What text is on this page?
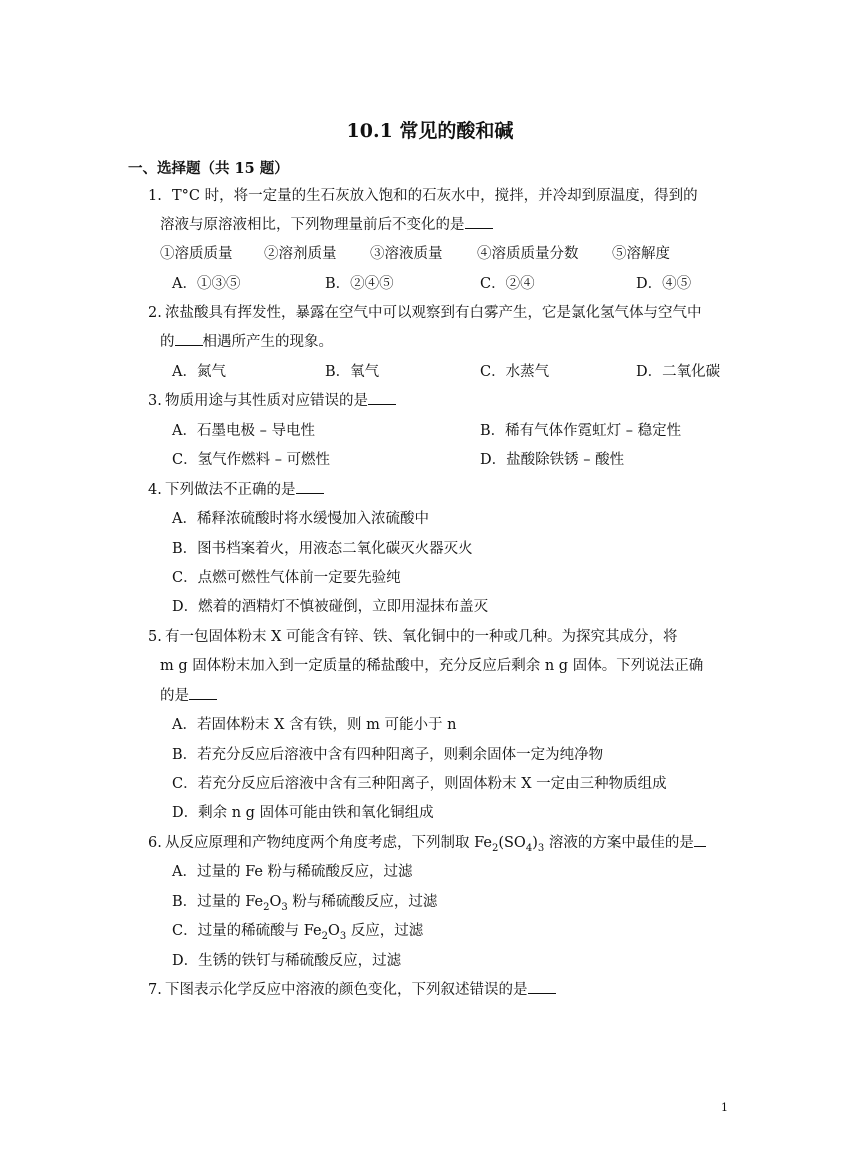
10.1 常见的酸和碱
一、选择题（共 15 题）
1. T°C 时，将一定量的生石灰放入饱和的石灰水中，搅拌，并冷却到原温度，得到的
溶液与原溶液相比，下列物理量前后不变化的是
①溶质质量 ②溶剂质量 ③溶液质量 ④溶质质量分数 ⑤溶解度
A．①③⑤	B．②④⑤	C．②④	D．④⑤
2. 浓盐酸具有挥发性，暴露在空气中可以观察到有白雾产生，它是氯化氢气体与空气中
的 相遇所产生的现象。
A．氮气	B．氧气	C．水蒸气	D．二氧化碳
3. 物质用途与其性质对应错误的是
A．石墨电极 – 导电性	B．稀有气体作霓虹灯 – 稳定性
C．氢气作燃料 – 可燃性	D．盐酸除铁锈 – 酸性
4. 下列做法不正确的是
A．稀释浓硫酸时将水缓慢加入浓硫酸中
B．图书档案着火，用液态二氧化碳灭火器灭火
C．点燃可燃性气体前一定要先验纯
D．燃着的酒精灯不慎被碰倒，立即用湿抹布盖灭
5. 有一包固体粉末 X 可能含有锌、铁、氧化铜中的一种或几种。为探究其成分，将
m g 固体粉末加入到一定质量的稀盐酸中，充分反应后剩余 n g 固体。下列说法正确
的是
A．若固体粉末 X 含有铁，则 m 可能小于 n
B．若充分反应后溶液中含有四种阳离子，则剩余固体一定为纯净物
C．若充分反应后溶液中含有三种阳离子，则固体粉末 X 一定由三种物质组成
D．剩余 n g 固体可能由铁和氧化铜组成
6. 从反应原理和产物纯度两个角度考虑，下列制取 $Fe_2(SO_4)_3$ 溶液的方案中最佳的是
A．过量的 Fe 粉与稀硫酸反应，过滤
B．过量的 $Fe_2O_3$ 粉与稀硫酸反应，过滤
C．过量的稀硫酸与 $Fe_2O_3$ 反应，过滤
D．生锈的铁钉与稀硫酸反应，过滤
7. 下图表示化学反应中溶液的颜色变化，下列叙述错误的是
1
